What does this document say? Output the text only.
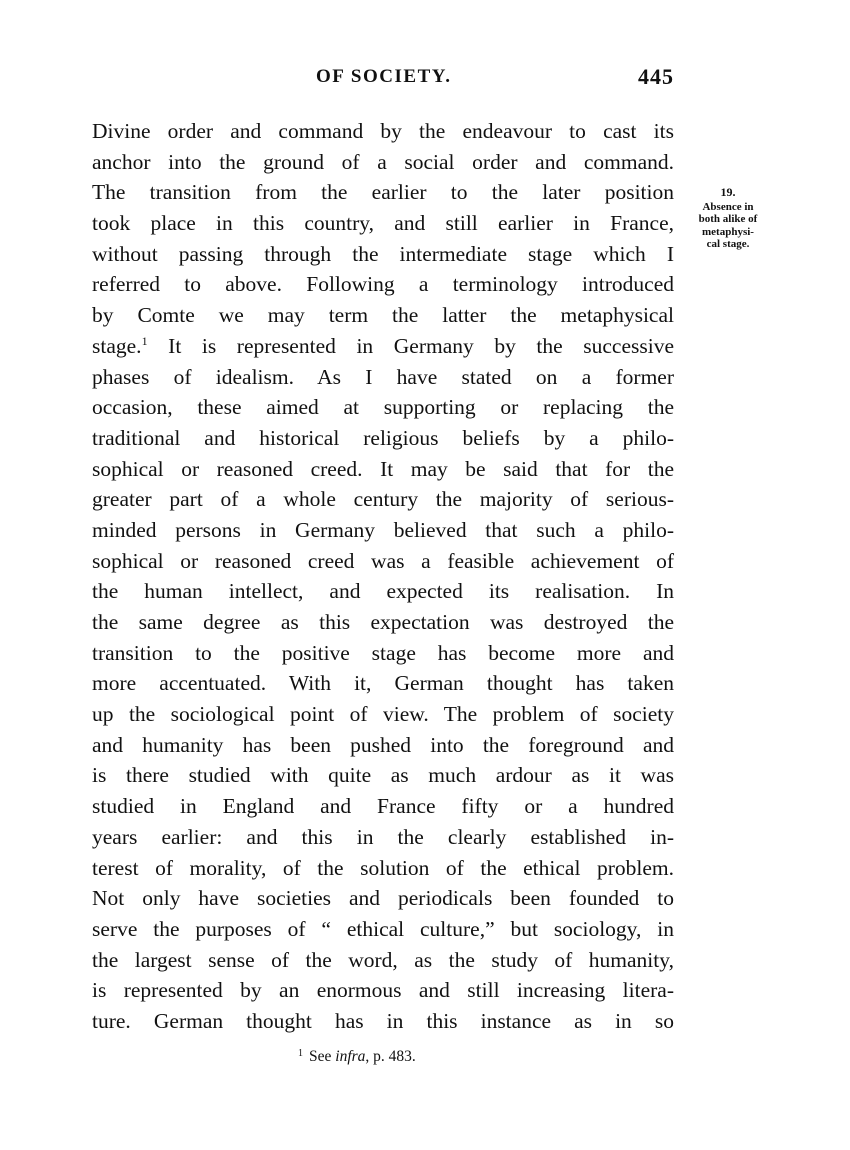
OF SOCIETY.	445
Divine order and command by the endeavour to cast its
anchor into the ground of a social order and command.
The transition from the earlier to the later position
took place in this country, and still earlier in France,
without passing through the intermediate stage which I
referred to above. Following a terminology introduced
by Comte we may term the latter the metaphysical
stage.$^1$ It is represented in Germany by the successive
phases of idealism. As I have stated on a former
occasion, these aimed at supporting or replacing the
traditional and historical religious beliefs by a philo-
sophical or reasoned creed. It may be said that for the
greater part of a whole century the majority of serious-
minded persons in Germany believed that such a philo-
sophical or reasoned creed was a feasible achievement of
the human intellect, and expected its realisation. In
the same degree as this expectation was destroyed the
transition to the positive stage has become more and
more accentuated. With it, German thought has taken
up the sociological point of view. The problem of society
and humanity has been pushed into the foreground and
is there studied with quite as much ardour as it was
studied in England and France fifty or a hundred
years earlier: and this in the clearly established in-
terest of morality, of the solution of the ethical problem.
Not only have societies and periodicals been founded to
serve the purposes of “ ethical culture,” but sociology, in
the largest sense of the word, as the study of humanity,
is represented by an enormous and still increasing litera-
ture. German thought has in this instance as in so
19.
Absence in
both alike of
metaphysi-
cal stage.
$^1$ See infra, p. 483.
